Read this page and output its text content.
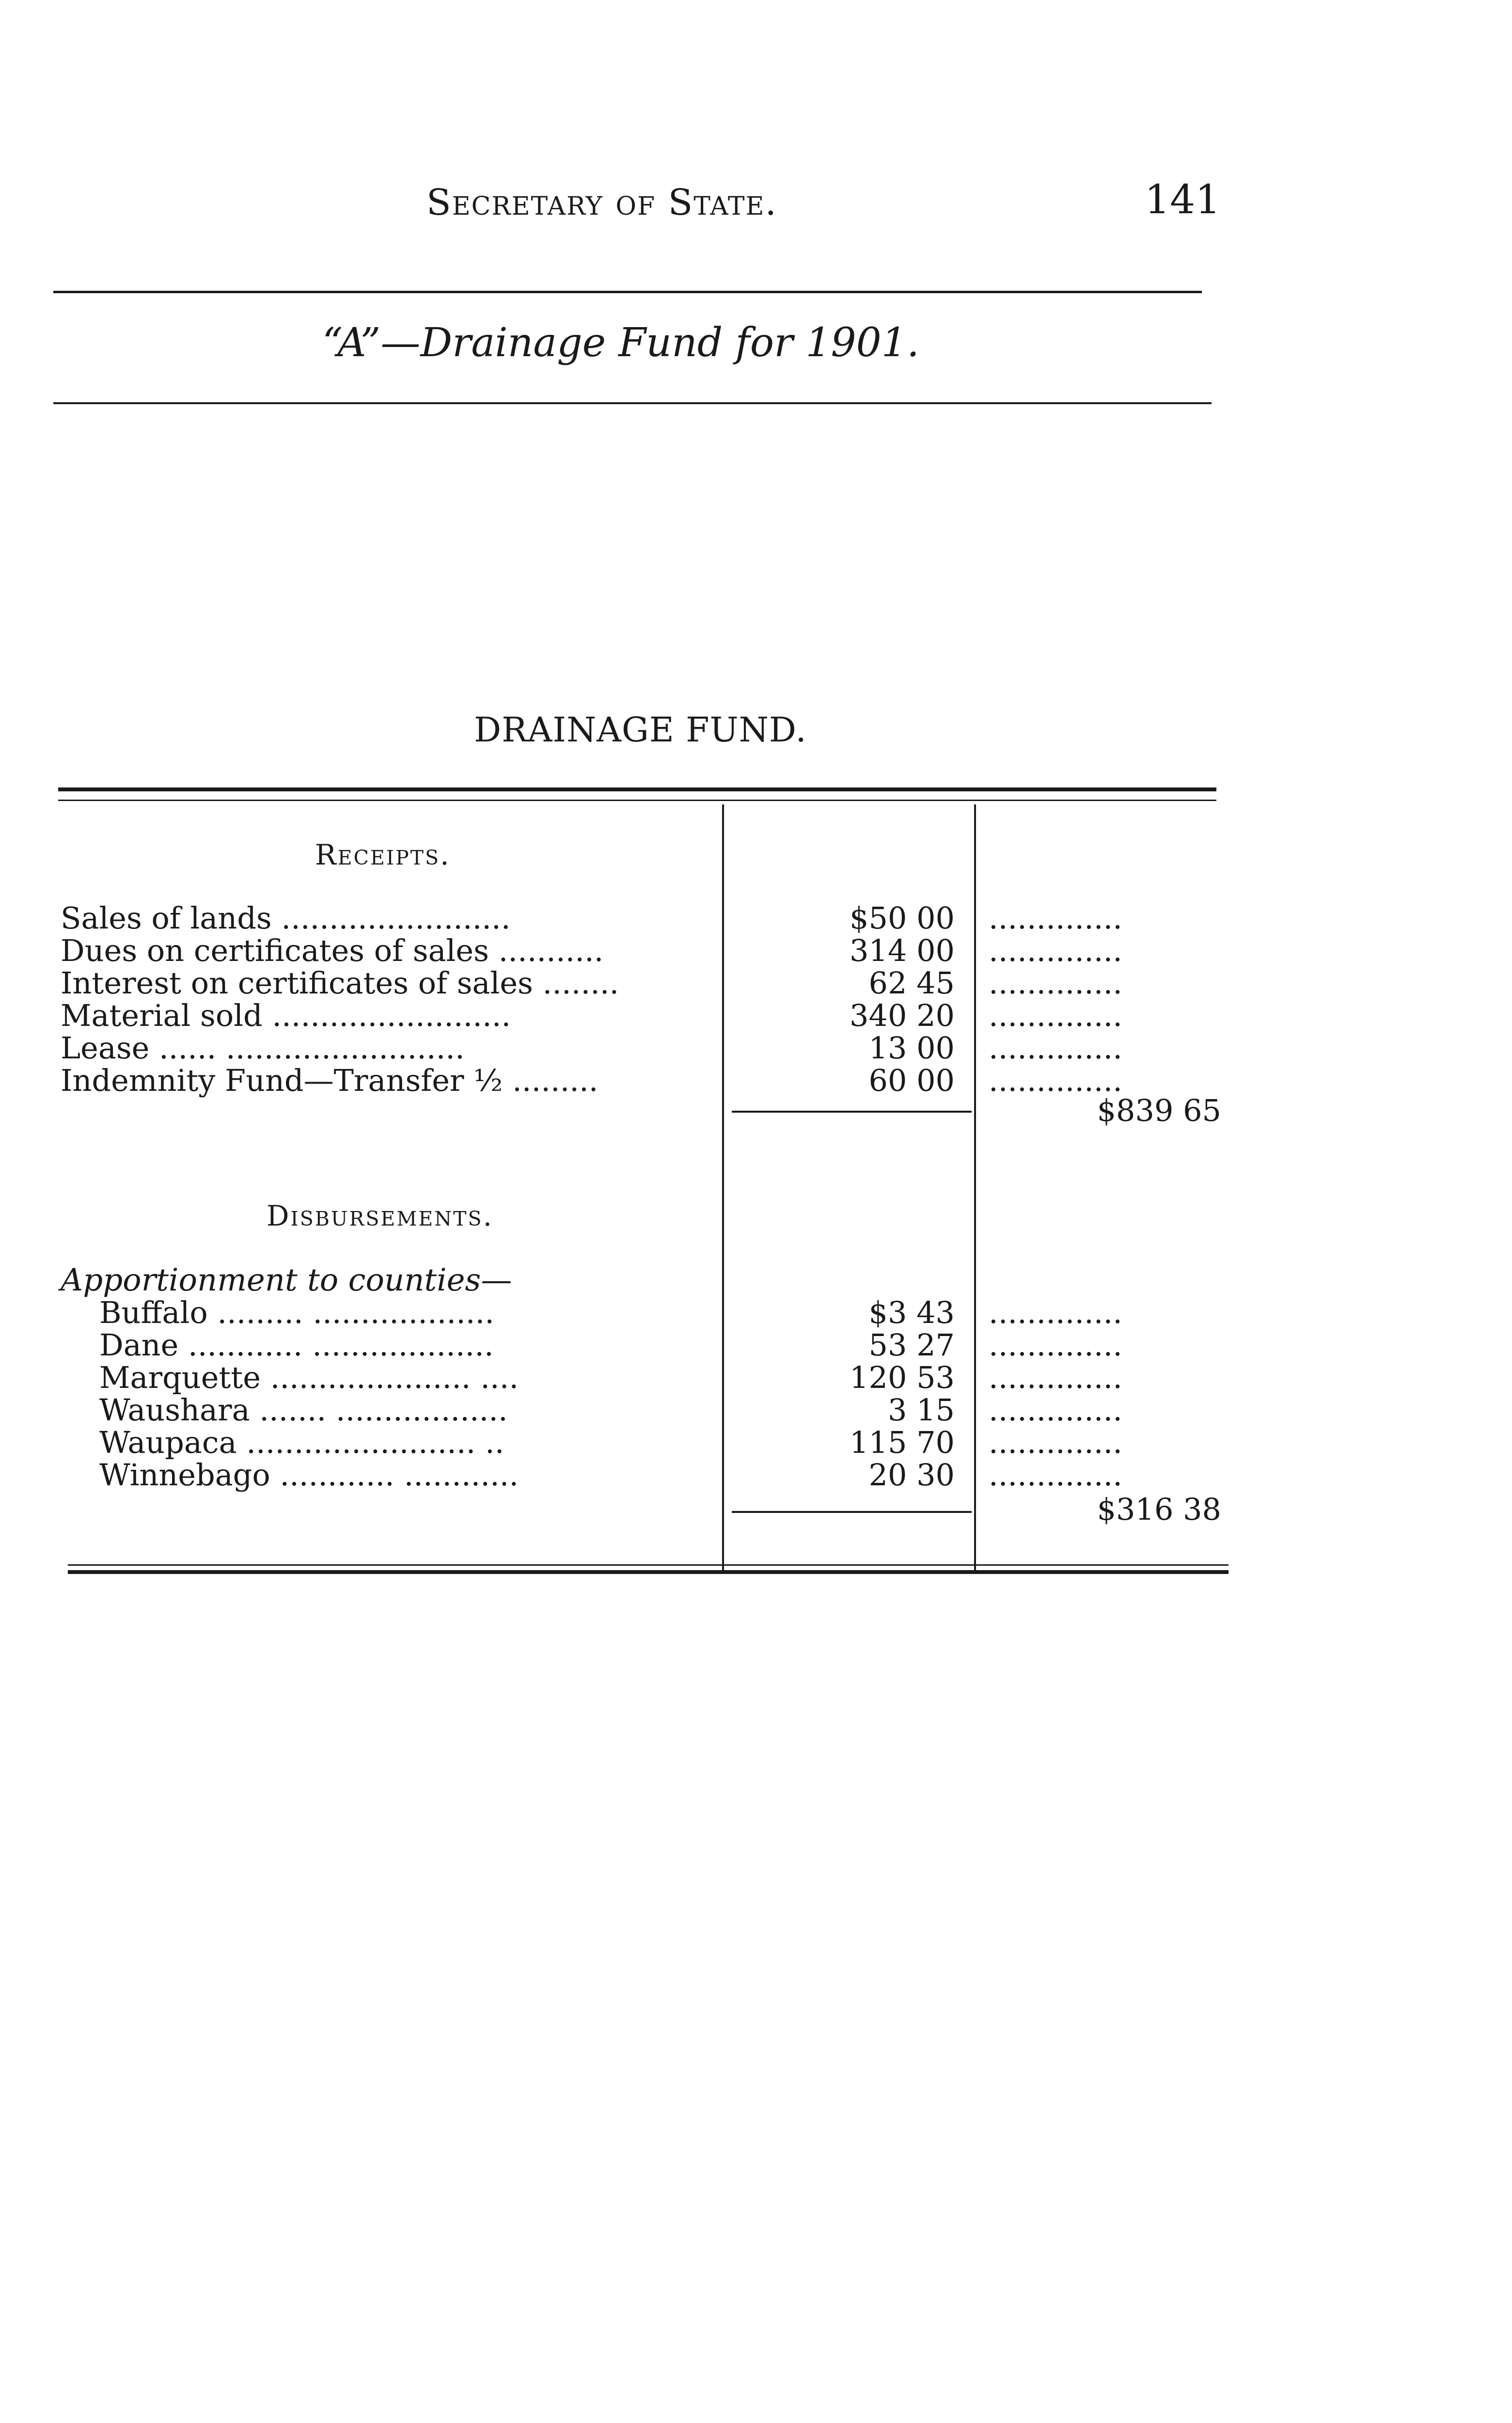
Secretary of State.	141
“A”—Drainage Fund for 1901.
DRAINAGE FUND.
Receipts.
Sales of lands ........................	$50 00 ..............
Dues on certificates of sales ...........	314 00 ..............
Interest on certificates of sales ........	62 45 ..............
Material sold .........................	340 20 ..............
Lease ...... .........................	13 00 ..............
Indemnity Fund—Transfer ½ .........	60 00 ..............
$839 65
Disbursements.
Apportionment to counties—
Buffalo ......... ...................	$3 43 ..............
Dane ............ ...................	53 27 ..............
Marquette ..................... ....	120 53 ..............
Waushara ....... ..................	3 15 ..............
Waupaca ........................ ..	115 70 ..............
Winnebago ............ ............	20 30 ..............
$316 38
